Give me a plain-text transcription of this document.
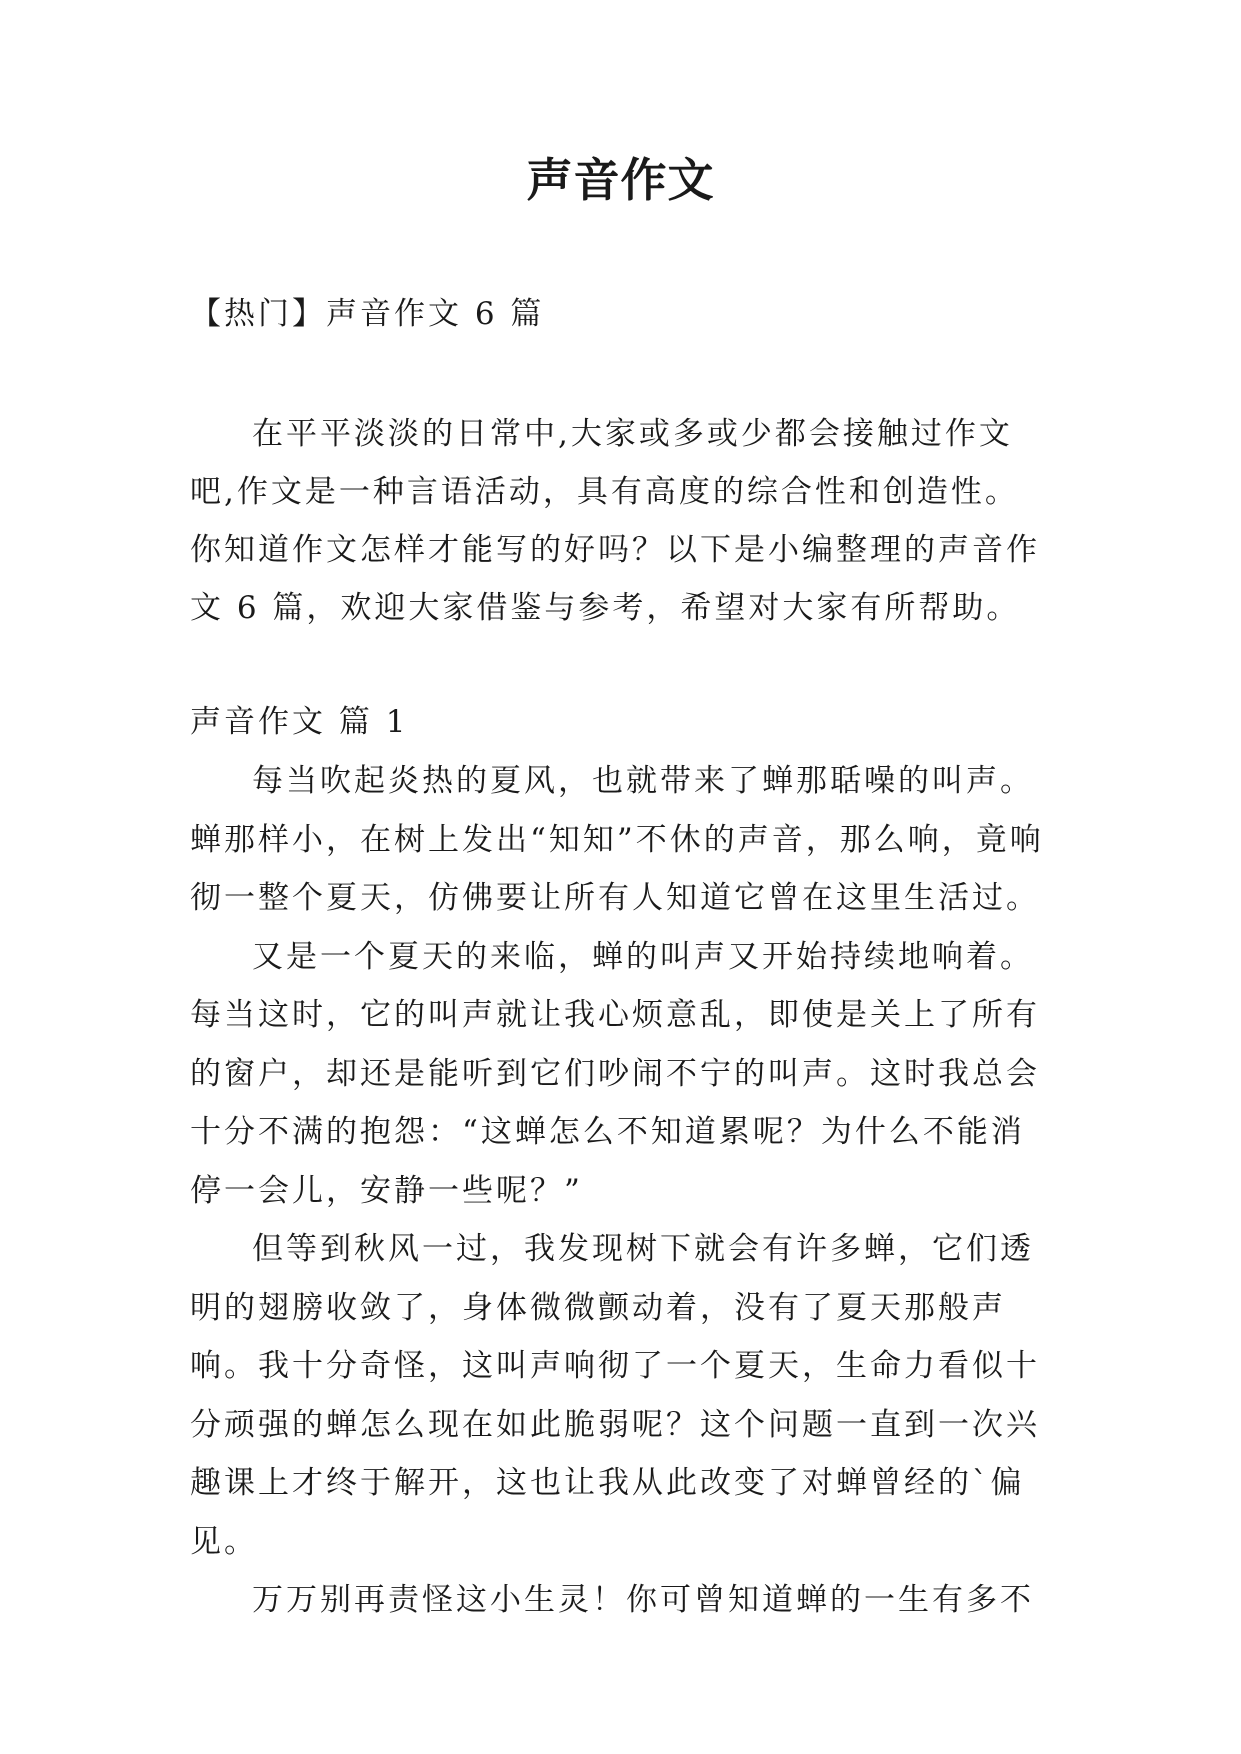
声音作文
【热门】声音作文 6 篇

在平平淡淡的日常中,大家或多或少都会接触过作文吧,作文是一种言语活动，具有高度的综合性和创造性。你知道作文怎样才能写的好吗？以下是小编整理的声音作文 6 篇，欢迎大家借鉴与参考，希望对大家有所帮助。

声音作文 篇 1

每当吹起炎热的夏风，也就带来了蝉那聒噪的叫声。蝉那样小，在树上发出“知知”不休的声音，那么响，竟响彻一整个夏天，仿佛要让所有人知道它曾在这里生活过。

又是一个夏天的来临，蝉的叫声又开始持续地响着。每当这时，它的叫声就让我心烦意乱，即使是关上了所有的窗户，却还是能听到它们吵闹不宁的叫声。这时我总会十分不满的抱怨：“这蝉怎么不知道累呢？为什么不能消停一会儿，安静一些呢？”

但等到秋风一过，我发现树下就会有许多蝉，它们透明的翅膀收敛了，身体微微颤动着，没有了夏天那般声响。我十分奇怪，这叫声响彻了一个夏天，生命力看似十分顽强的蝉怎么现在如此脆弱呢？这个问题一直到一次兴趣课上才终于解开，这也让我从此改变了对蝉曾经的`偏见。

万万别再责怪这小生灵！你可曾知道蝉的一生有多不
